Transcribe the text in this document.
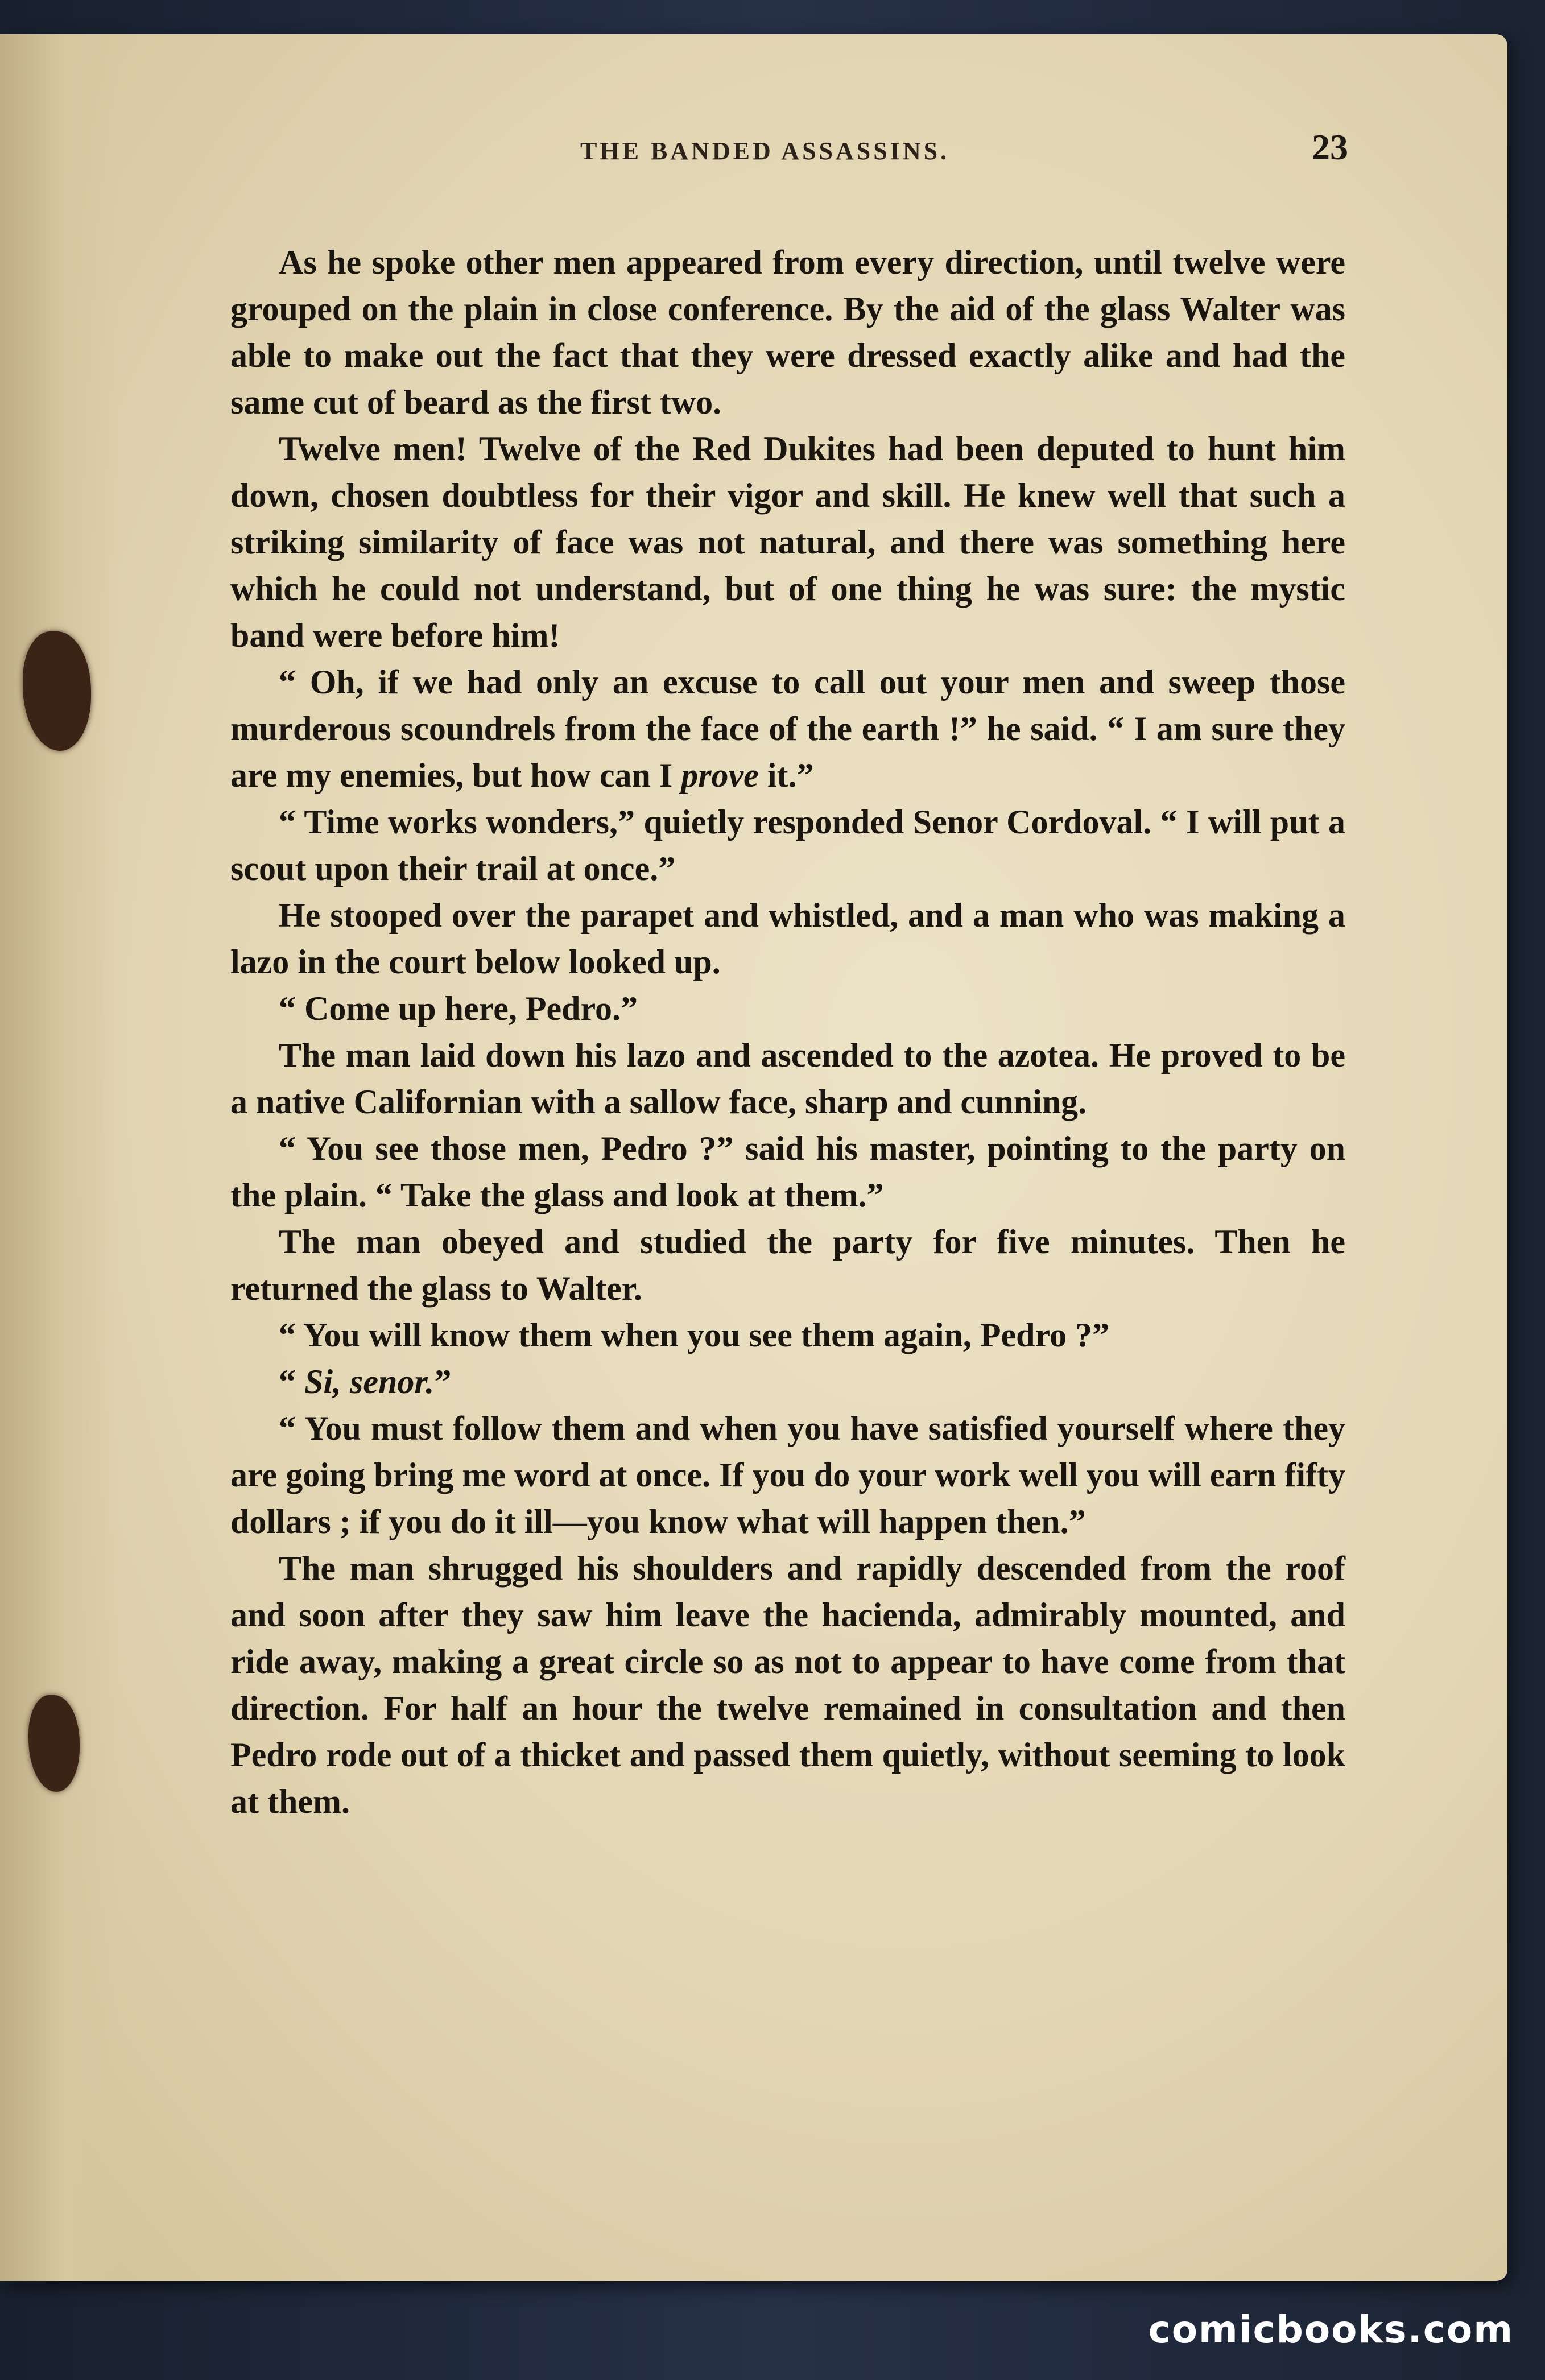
THE BANDED ASSASSINS.	23

As he spoke other men appeared from every direction, until twelve were grouped on the plain in close conference. By the aid of the glass Walter was able to make out the fact that they were dressed exactly alike and had the same cut of beard as the first two.

Twelve men! Twelve of the Red Dukites had been deputed to hunt him down, chosen doubtless for their vigor and skill. He knew well that such a striking similarity of face was not natural, and there was something here which he could not understand, but of one thing he was sure: the mystic band were before him!

“ Oh, if we had only an excuse to call out your men and sweep those murderous scoundrels from the face of the earth !” he said. “ I am sure they are my enemies, but how can I prove it.”

“ Time works wonders,” quietly responded Senor Cordoval. “ I will put a scout upon their trail at once.”

He stooped over the parapet and whistled, and a man who was making a lazo in the court below looked up.

“ Come up here, Pedro.”

The man laid down his lazo and ascended to the azotea. He proved to be a native Californian with a sallow face, sharp and cunning.

“ You see those men, Pedro ?” said his master, pointing to the party on the plain. “ Take the glass and look at them.”

The man obeyed and studied the party for five minutes. Then he returned the glass to Walter.

“ You will know them when you see them again, Pedro ?”

“ Si, senor.”

“ You must follow them and when you have satisfied yourself where they are going bring me word at once. If you do your work well you will earn fifty dollars ; if you do it ill—you know what will happen then.”

The man shrugged his shoulders and rapidly descended from the roof and soon after they saw him leave the hacienda, admirably mounted, and ride away, making a great circle so as not to appear to have come from that direction. For half an hour the twelve remained in consultation and then Pedro rode out of a thicket and passed them quietly, without seeming to look at them.

comicbooks.com
